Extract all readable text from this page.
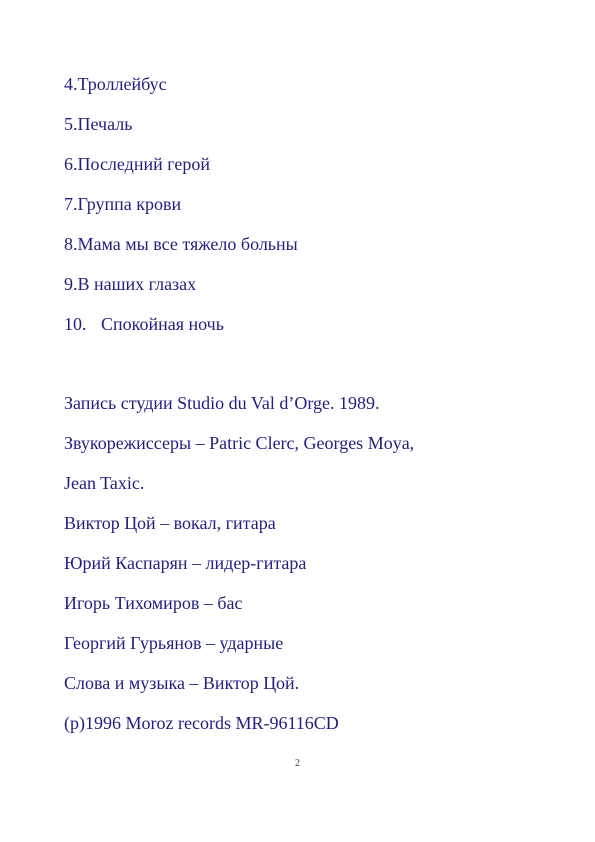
4. Троллейбус
5. Печаль
6. Последний герой
7. Группа крови
8. Мама мы все тяжело больны
9. В наших глазах
10. Спокойная ночь
Запись студии Studio du Val d’Orge. 1989.
Звукорежиссеры – Patric Clerc, Georges Moya,
Jean Taxic.
Виктор Цой – вокал, гитара
Юрий Каспарян – лидер-гитара
Игорь Тихомиров – бас
Георгий Гурьянов – ударные
Слова и музыка – Виктор Цой.
(p)1996 Moroz records MR-96116CD
2
